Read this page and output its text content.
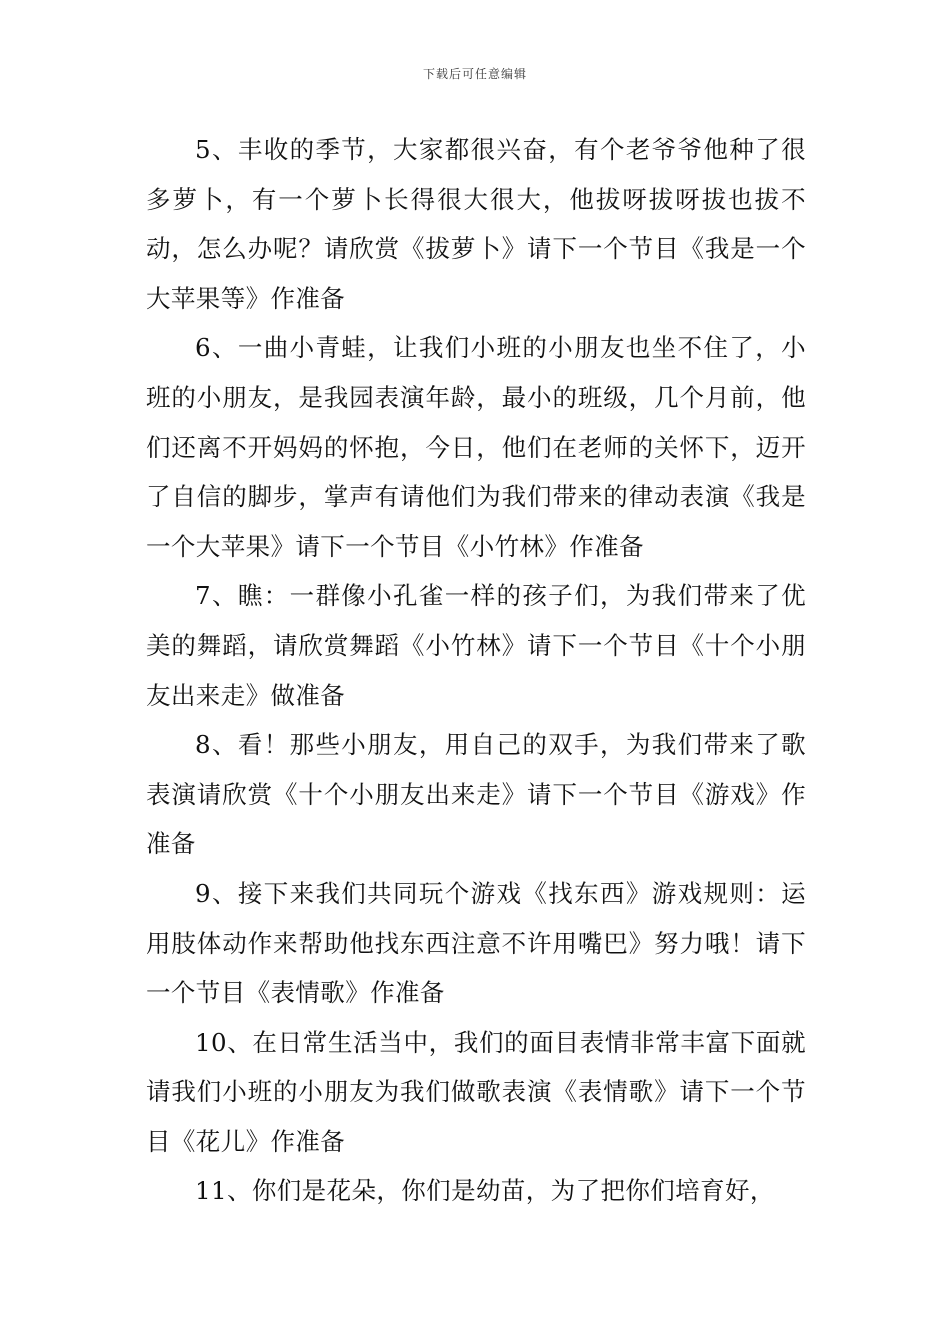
下载后可任意编辑

5、丰收的季节，大家都很兴奋，有个老爷爷他种了很多萝卜，有一个萝卜长得很大很大，他拔呀拔呀拔也拔不动，怎么办呢？请欣赏《拔萝卜》请下一个节目《我是一个大苹果等》作准备

6、一曲小青蛙，让我们小班的小朋友也坐不住了，小班的小朋友，是我园表演年龄，最小的班级，几个月前，他们还离不开妈妈的怀抱，今日，他们在老师的关怀下，迈开了自信的脚步，掌声有请他们为我们带来的律动表演《我是一个大苹果》请下一个节目《小竹林》作准备

7、瞧：一群像小孔雀一样的孩子们，为我们带来了优美的舞蹈，请欣赏舞蹈《小竹林》请下一个节目《十个小朋友出来走》做准备

8、看！那些小朋友，用自己的双手，为我们带来了歌表演请欣赏《十个小朋友出来走》请下一个节目《游戏》作准备

9、接下来我们共同玩个游戏《找东西》游戏规则：运用肢体动作来帮助他找东西注意不许用嘴巴》努力哦！请下一个节目《表情歌》作准备

10、在日常生活当中，我们的面目表情非常丰富下面就请我们小班的小朋友为我们做歌表演《表情歌》请下一个节目《花儿》作准备

11、你们是花朵，你们是幼苗，为了把你们培育好，
